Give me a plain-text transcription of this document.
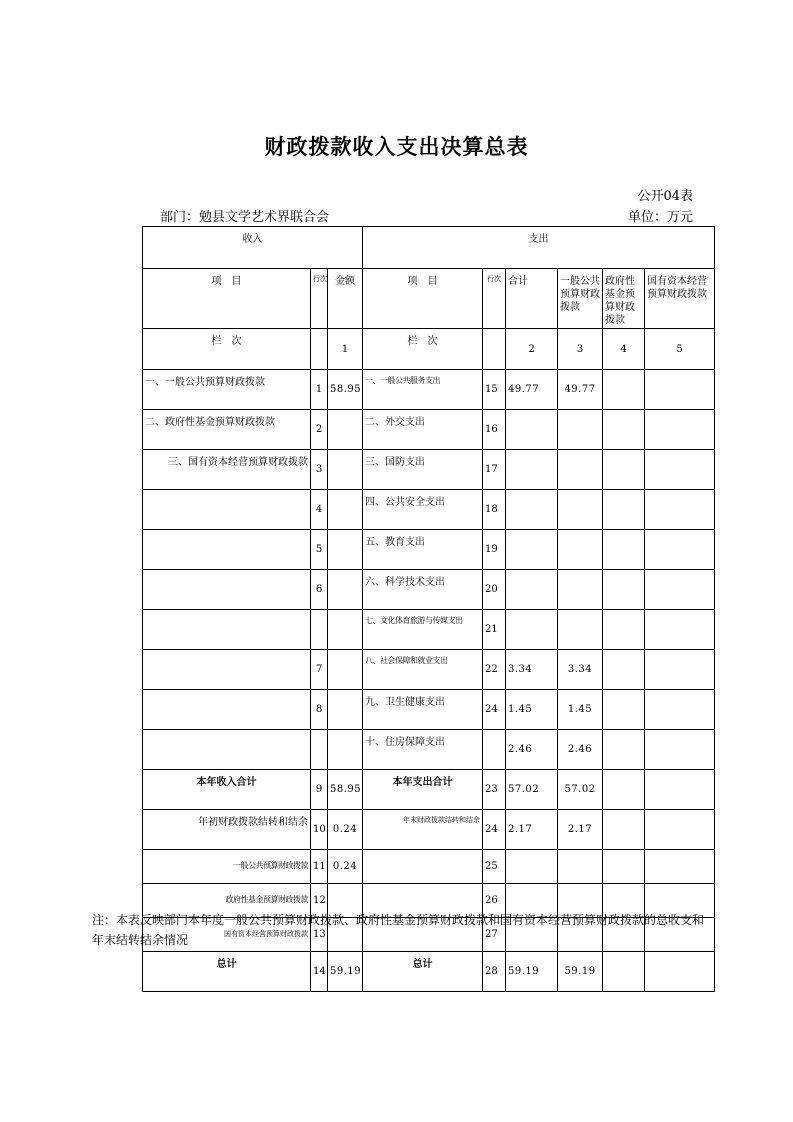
财政拨款收入支出决算总表
公开04表
部门：勉县文学艺术界联合会	单位：万元
收入			支出					
项　目	行次	金额	项　目	行次	合计	一般公共预算财政拨款	政府性基金预算财政拨款	国有资本经营预算财政拨款
栏　次		1	栏　次		2	3	4	5
一、一般公共预算财政拨款	1	58.95	一、一般公共服务支出	15	49.77	49.77		
二、政府性基金预算财政拨款	2		二、外交支出	16				
三、国有资本经营预算财政拨款	3		三、国防支出	17				
	4		四、公共安全支出	18				
	5		五、教育支出	19				
	6		六、科学技术支出	20				
			七、文化体育旅游与传媒支出	21				
	7		八、社会保障和就业支出	22	3.34	3.34		
	8		九、卫生健康支出	24	1.45	1.45		
			十、住房保障支出		2.46	2.46		
本年收入合计	9	58.95	本年支出合计	23	57.02	57.02		
年初财政拨款结转和结余	10	0.24	年末财政拨款结转和结余	24	2.17	2.17		
一般公共预算财政拨款	11	0.24		25				
政府性基金预算财政拨款	12			26				
国有资本经营预算财政拨款	13			27				
总计	14	59.19	总计	28	59.19	59.19		
注：本表反映部门本年度一般公共预算财政拨款、政府性基金预算财政拨款和国有资本经营预算财政拨款的总收支和年末结转结余情况
